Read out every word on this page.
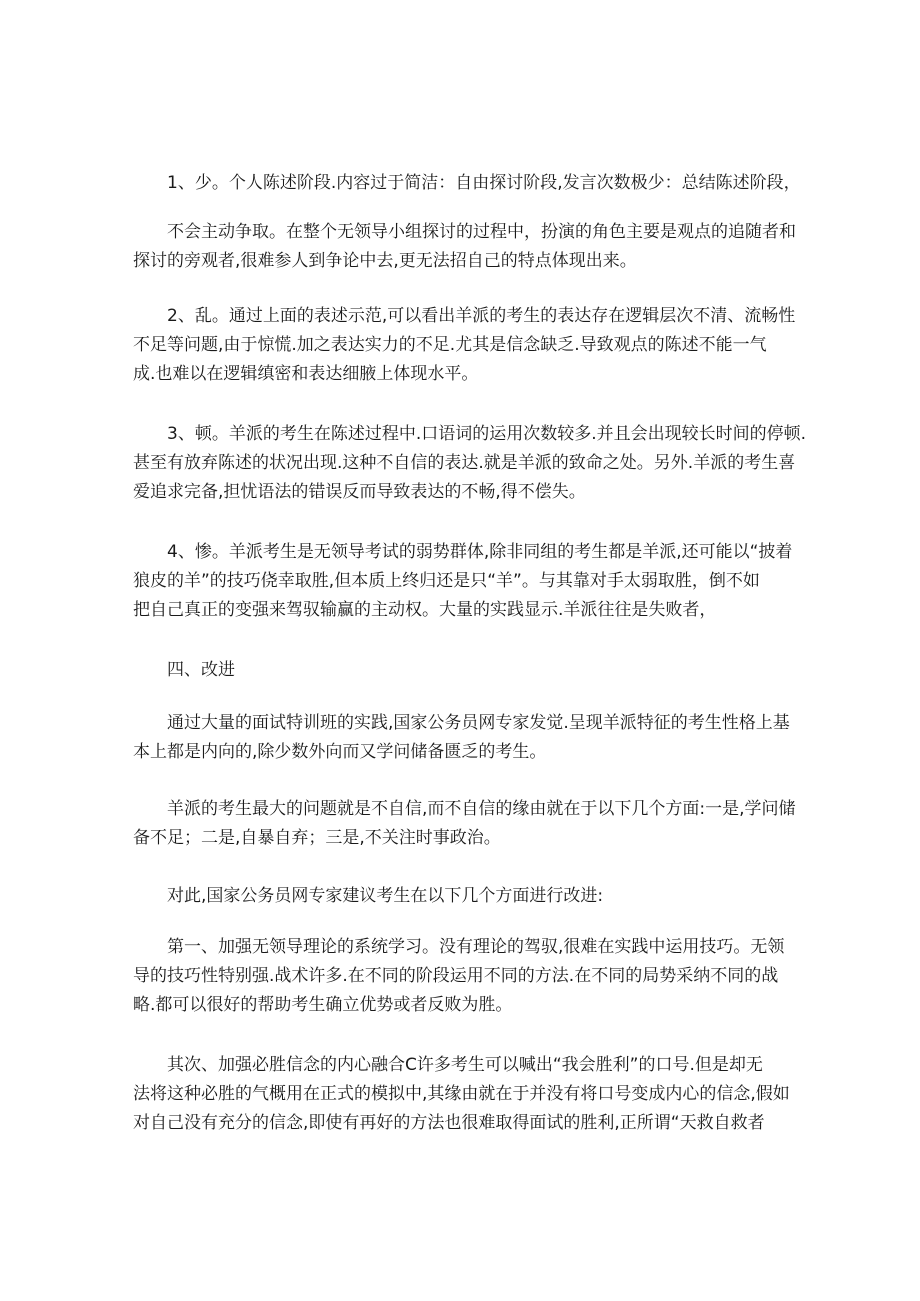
1、少。个人陈述阶段.内容过于简洁：自由探讨阶段,发言次数极少：总结陈述阶段，

不会主动争取。在整个无领导小组探讨的过程中，扮演的角色主要是观点的追随者和
探讨的旁观者,很难参人到争论中去,更无法招自己的特点体现出来。

2、乱。通过上面的表述示范,可以看出羊派的考生的表达存在逻辑层次不清、流畅性
不足等问题,由于惊慌.加之表达实力的不足.尤其是信念缺乏.导致观点的陈述不能一气
成.也难以在逻辑缜密和表达细腋上体现水平。

3、顿。羊派的考生在陈述过程中.口语词的运用次数较多.并且会出现较长时间的停顿.
甚至有放弃陈述的状况出现.这种不自信的表达.就是羊派的致命之处。另外.羊派的考生喜
爱追求完备,担忧语法的错误反而导致表达的不畅,得不偿失。

4、惨。羊派考生是无领导考试的弱势群体,除非同组的考生都是羊派,还可能以“披着
狼皮的羊”的技巧侥幸取胜,但本质上终归还是只“羊”。与其靠对手太弱取胜，倒不如
把自己真正的变强来驾驭输赢的主动权。大量的实践显示.羊派往往是失败者，

四、改进

通过大量的面试特训班的实践,国家公务员网专家发觉.呈现羊派特征的考生性格上基
本上都是内向的,除少数外向而又学问储备匮乏的考生。

羊派的考生最大的问题就是不自信,而不自信的缘由就在于以下几个方面:一是,学问储
备不足；二是,自暴自弃；三是,不关注时事政治。

对此,国家公务员网专家建议考生在以下几个方面进行改进:

第一、加强无领导理论的系统学习。没有理论的驾驭,很难在实践中运用技巧。无领
导的技巧性特别强.战术许多.在不同的阶段运用不同的方法.在不同的局势采纳不同的战
略.都可以很好的帮助考生确立优势或者反败为胜。

其次、加强必胜信念的内心融合C许多考生可以喊出“我会胜利”的口号.但是却无
法将这种必胜的气概用在正式的模拟中,其缘由就在于并没有将口号变成内心的信念,假如
对自己没有充分的信念,即使有再好的方法也很难取得面试的胜利,正所谓“天救自救者
